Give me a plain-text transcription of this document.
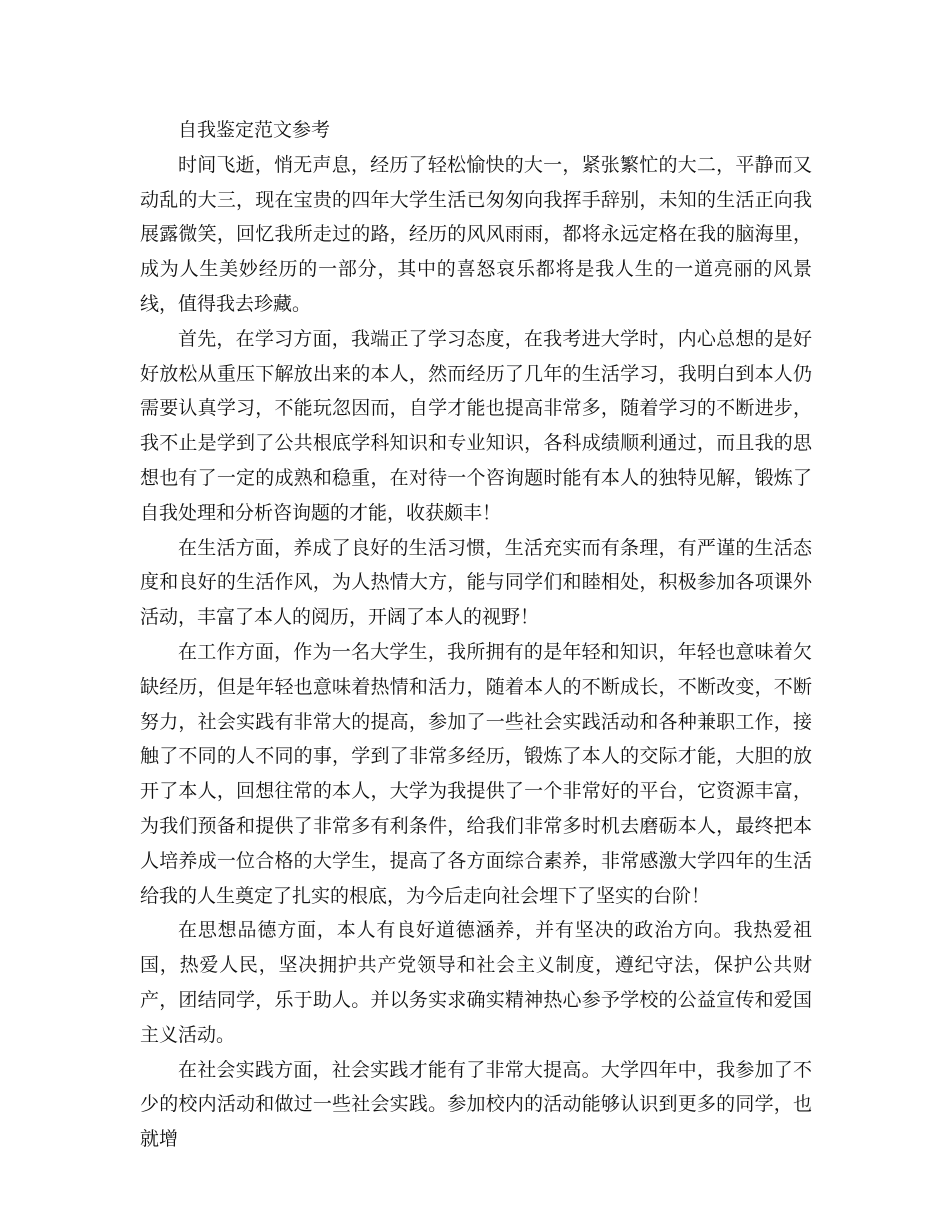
自我鉴定范文参考

时间飞逝，悄无声息，经历了轻松愉快的大一，紧张繁忙的大二，平静而又动乱的大三，现在宝贵的四年大学生活已匆匆向我挥手辞别，未知的生活正向我展露微笑，回忆我所走过的路，经历的风风雨雨，都将永远定格在我的脑海里，成为人生美妙经历的一部分，其中的喜怒哀乐都将是我人生的一道亮丽的风景线，值得我去珍藏。

首先，在学习方面，我端正了学习态度，在我考进大学时，内心总想的是好好放松从重压下解放出来的本人，然而经历了几年的生活学习，我明白到本人仍需要认真学习，不能玩忽因而，自学才能也提高非常多，随着学习的不断进步，我不止是学到了公共根底学科知识和专业知识，各科成绩顺利通过，而且我的思想也有了一定的成熟和稳重，在对待一个咨询题时能有本人的独特见解，锻炼了自我处理和分析咨询题的才能，收获颇丰！

在生活方面，养成了良好的生活习惯，生活充实而有条理，有严谨的生活态度和良好的生活作风，为人热情大方，能与同学们和睦相处，积极参加各项课外活动，丰富了本人的阅历，开阔了本人的视野！

在工作方面，作为一名大学生，我所拥有的是年轻和知识，年轻也意味着欠缺经历，但是年轻也意味着热情和活力，随着本人的不断成长，不断改变，不断努力，社会实践有非常大的提高，参加了一些社会实践活动和各种兼职工作，接触了不同的人不同的事，学到了非常多经历，锻炼了本人的交际才能，大胆的放开了本人，回想往常的本人，大学为我提供了一个非常好的平台，它资源丰富，为我们预备和提供了非常多有利条件，给我们非常多时机去磨砺本人，最终把本人培养成一位合格的大学生，提高了各方面综合素养，非常感激大学四年的生活给我的人生奠定了扎实的根底，为今后走向社会埋下了坚实的台阶！

在思想品德方面，本人有良好道德涵养，并有坚决的政治方向。我热爱祖国，热爱人民，坚决拥护共产党领导和社会主义制度，遵纪守法，保护公共财产，团结同学，乐于助人。并以务实求确实精神热心参予学校的公益宣传和爱国主义活动。

在社会实践方面，社会实践才能有了非常大提高。大学四年中，我参加了不少的校内活动和做过一些社会实践。参加校内的活动能够认识到更多的同学，也就增
